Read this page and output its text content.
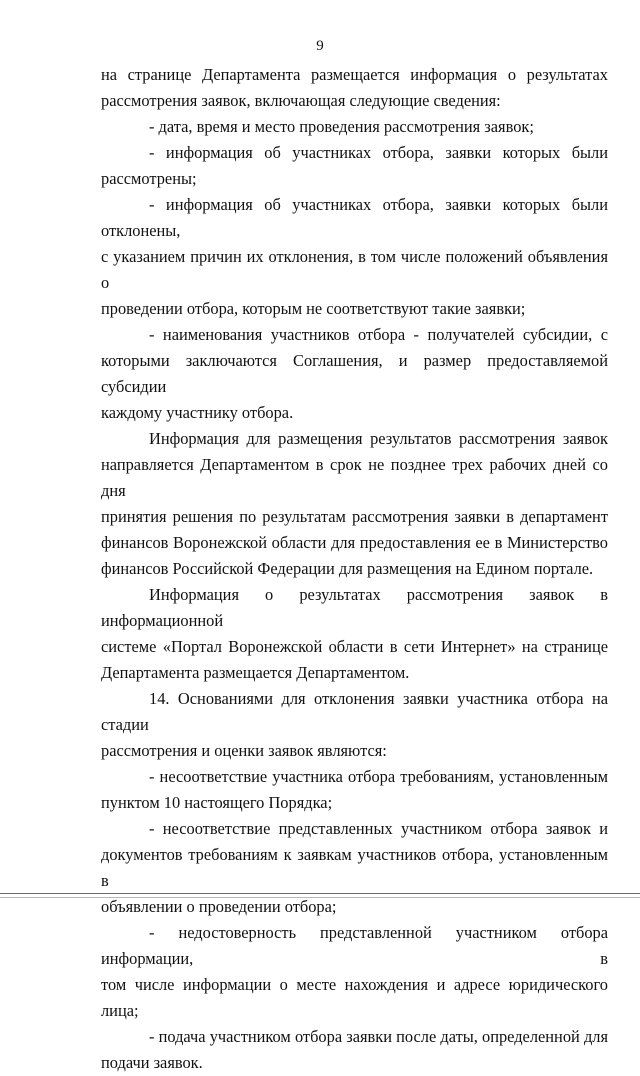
9

на странице Департамента размещается информация о результатах

рассмотрения заявок, включающая следующие сведения:

- дата, время и место проведения рассмотрения заявок;

- информация об участниках отбора, заявки которых были

рассмотрены;

- информация об участниках отбора, заявки которых были отклонены,

с указанием причин их отклонения, в том числе положений объявления о

проведении отбора, которым не соответствуют такие заявки;

- наименования участников отбора - получателей субсидии, с

которыми заключаются Соглашения, и размер предоставляемой субсидии

каждому участнику отбора.

Информация для размещения результатов рассмотрения заявок

направляется Департаментом в срок не позднее трех рабочих дней со дня

принятия решения по результатам рассмотрения заявки в департамент

финансов Воронежской области для предоставления ее в Министерство

финансов Российской Федерации для размещения на Едином портале.

Информация о результатах рассмотрения заявок в информационной

системе «Портал Воронежской области в сети Интернет» на странице

Департамента размещается Департаментом.

14. Основаниями для отклонения заявки участника отбора на стадии

рассмотрения и оценки заявок являются:

- несоответствие участника отбора требованиям, установленным

пунктом 10 настоящего Порядка;

- несоответствие представленных участником отбора заявок и

документов требованиям к заявкам участников отбора, установленным в

объявлении о проведении отбора;

- недостоверность представленной участником отбора информации, в

том числе информации о месте нахождения и адресе юридического лица;

- подача участником отбора заявки после даты, определенной для

подачи заявок.
